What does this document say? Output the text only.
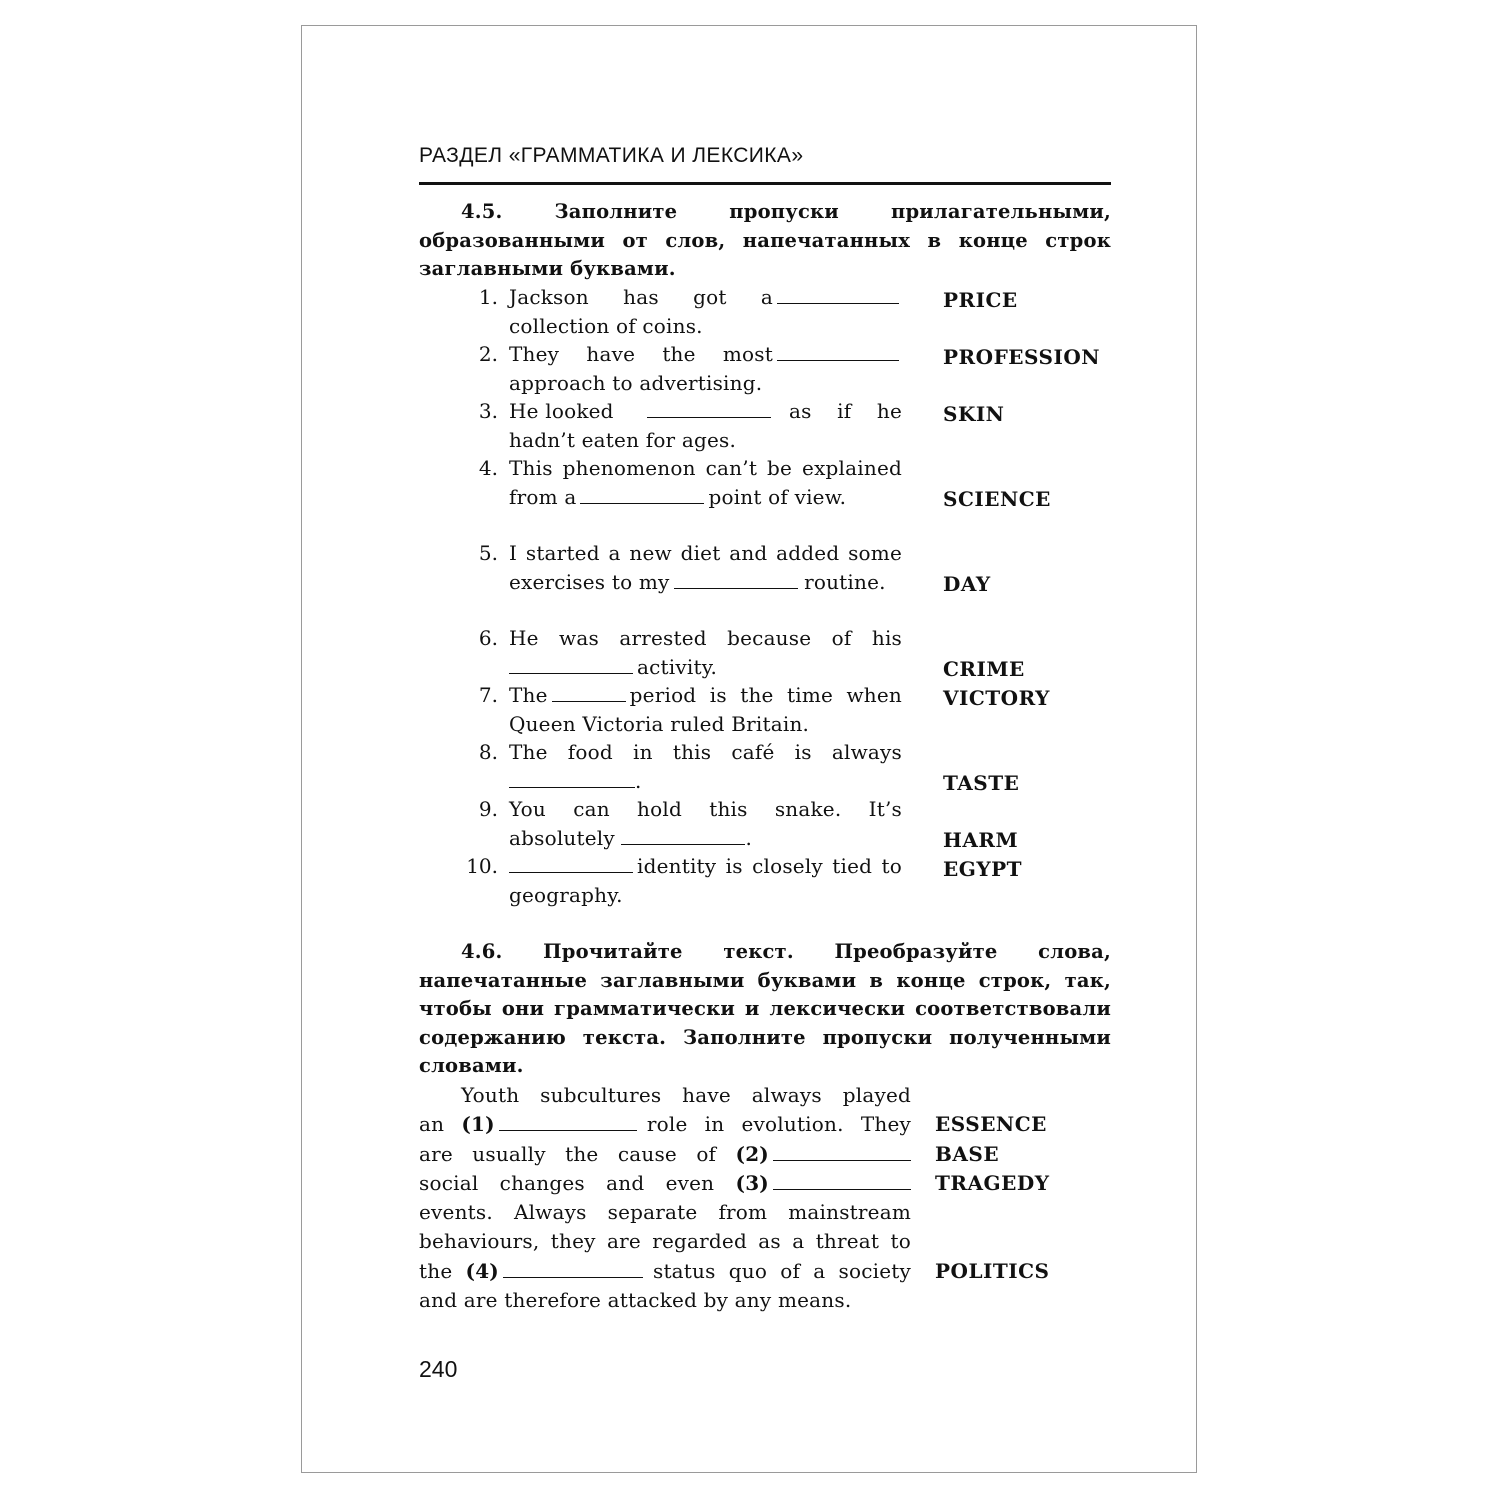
РАЗДЕЛ «ГРАММАТИКА И ЛЕКСИКА»
4.5. Заполните пропуски прилагательными, образованными от слов, напечатанных в конце строк заглавными буквами.
1. Jackson has got a collection of coins.
PRICE
2. They have the most approach to advertising.
PROFESSION
3. He looked	as if he hadn’t eaten for ages.
SKIN
4. This phenomenon can’t be explained from a	point of view.	SCIENCE
5. I started a new diet and added some exercises to my	routine.	DAY
6. He was arrested because of his activity.	CRIME
7. The	period is the time when Queen Victoria ruled Britain.
VICTORY
8. The food in this café is always .	TASTE
9. You can hold this snake. It’s absolutely	.	HARM
10.	identity is closely tied to geography.
EGYPT
4.6. Прочитайте текст. Преобразуйте слова, напечатанные заглавными буквами в конце строк, так, чтобы они грамматически и лексически соответствовали содержанию текста. Заполните пропуски полученными словами.
Youth subcultures have always played
an (1)	role in evolution. They ESSENCE
are usually the cause of (2)	BASE
social changes and even (3)	TRAGEDY
events. Always separate from mainstream
behaviours, they are regarded as a threat to
the (4)	status quo of a society POLITICS
and are therefore attacked by any means.
240
